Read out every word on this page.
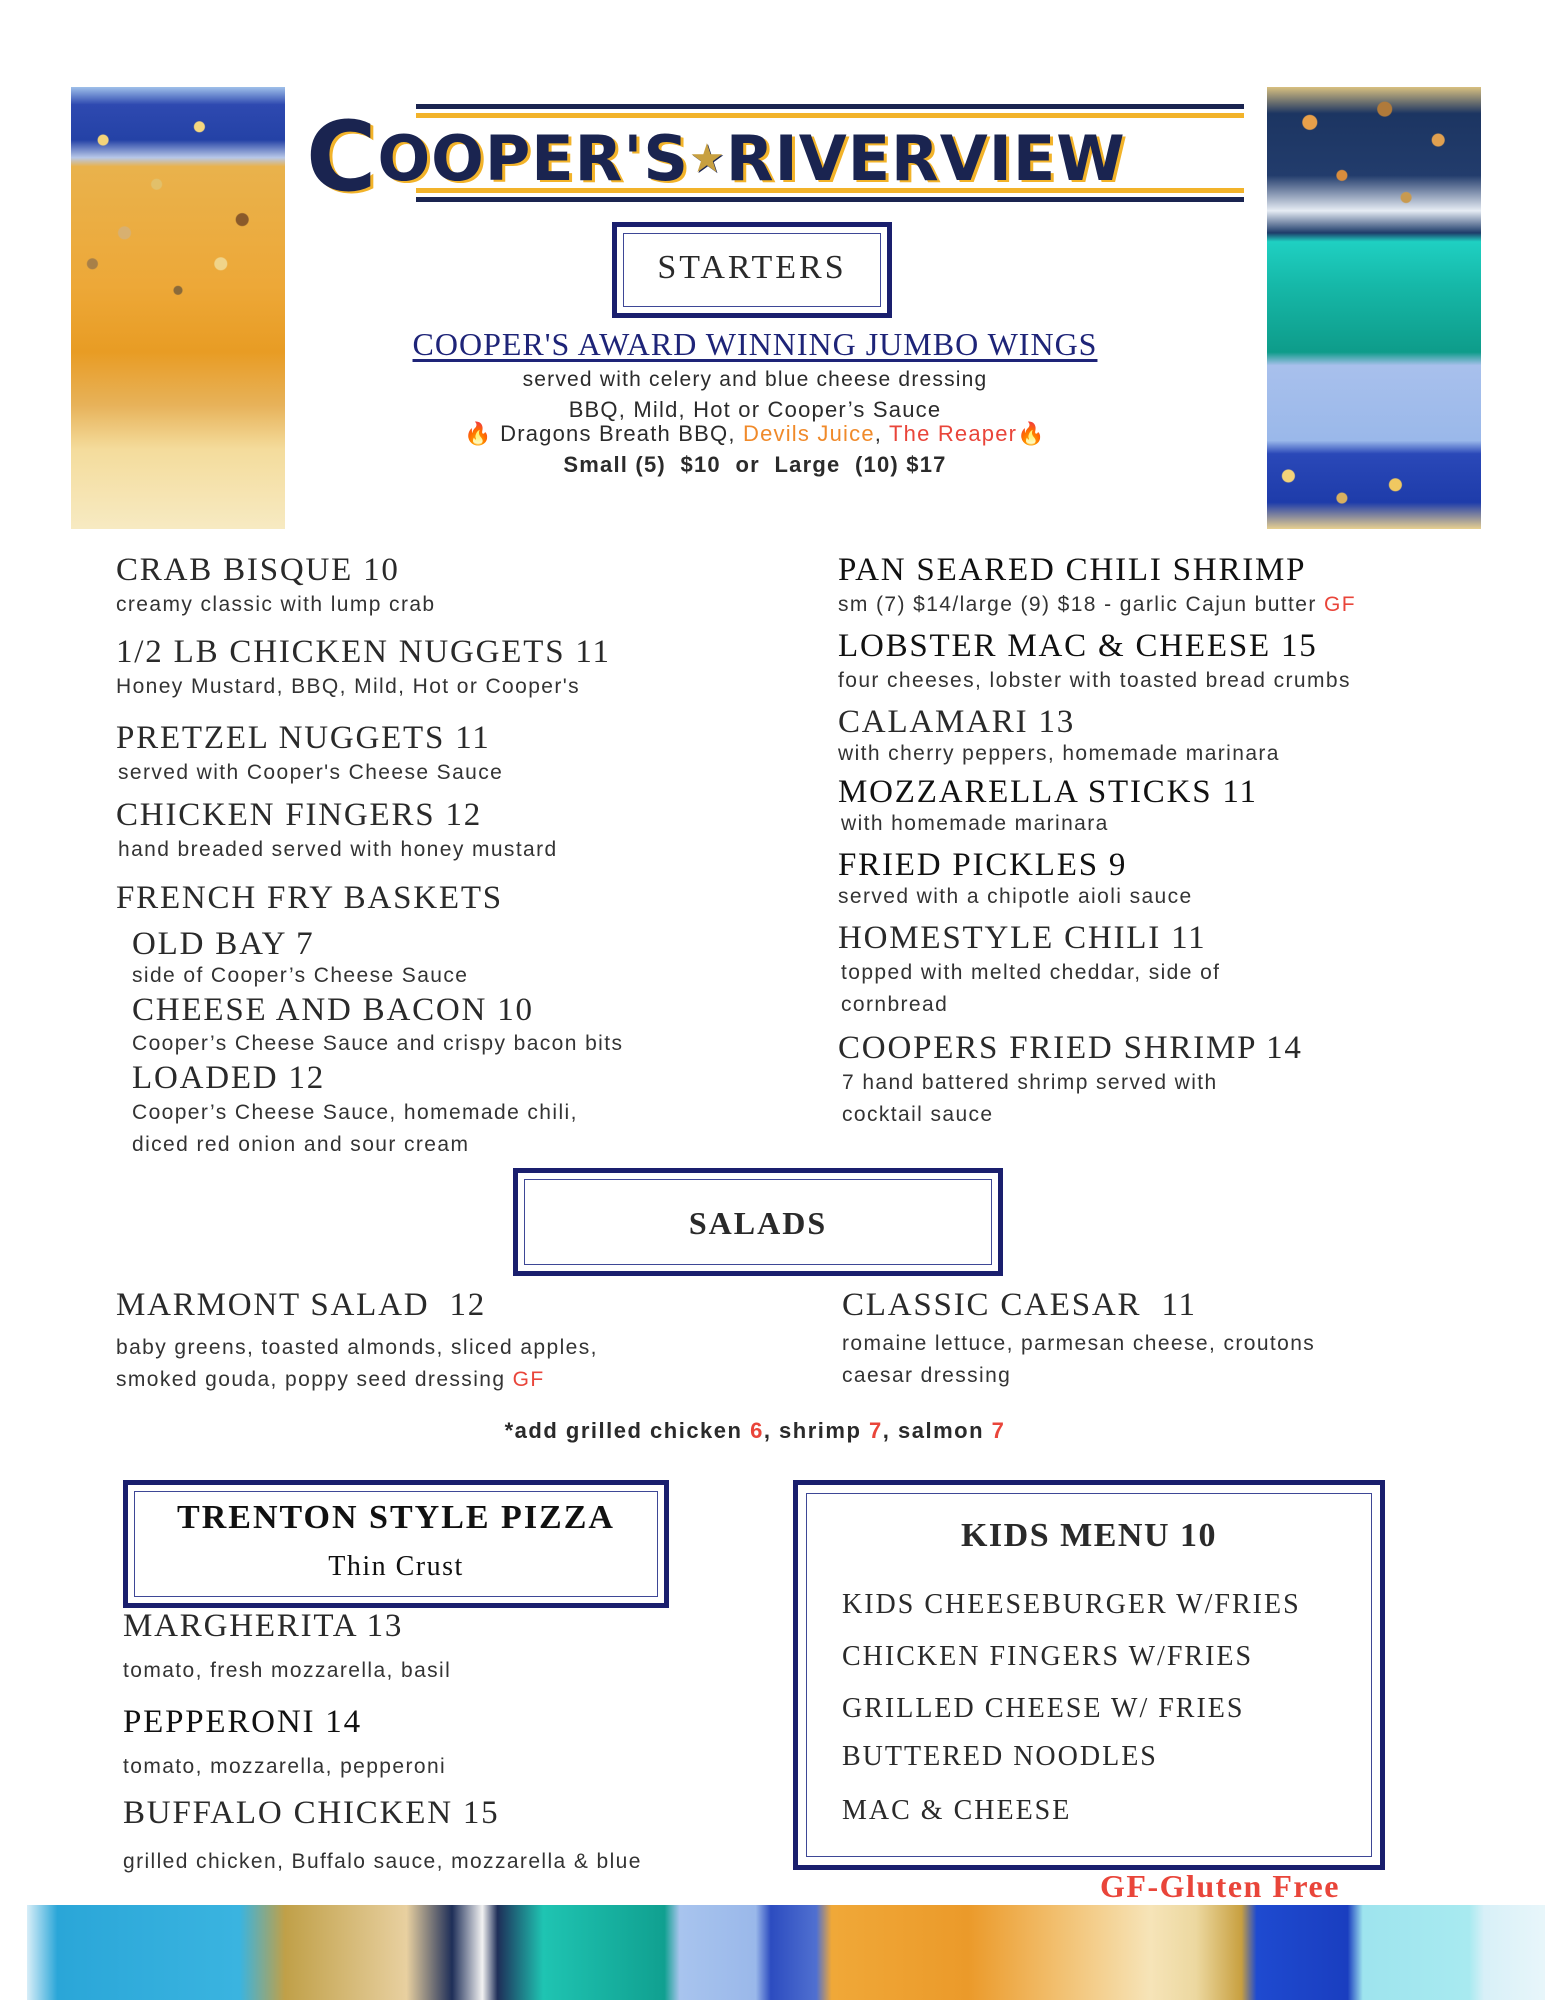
COOPER'S★RIVERVIEW
STARTERS
COOPER'S AWARD WINNING JUMBO WINGS
served with celery and blue cheese dressing
BBQ, Mild, Hot or Cooper’s Sauce
🔥 Dragons Breath BBQ, Devils Juice, The Reaper🔥
Small (5)  $10  or  Large  (10) $17
CRAB BISQUE 10
creamy classic with lump crab
1/2 LB CHICKEN NUGGETS 11
Honey Mustard, BBQ, Mild, Hot or Cooper's
PRETZEL NUGGETS 11
served with Cooper's Cheese Sauce
CHICKEN FINGERS 12
hand breaded served with honey mustard
FRENCH FRY BASKETS
OLD BAY 7
side of Cooper’s Cheese Sauce
CHEESE AND BACON 10
Cooper’s Cheese Sauce and crispy bacon bits
LOADED 12
Cooper’s Cheese Sauce, homemade chili,
diced red onion and sour cream
PAN SEARED CHILI SHRIMP
sm (7) $14/large (9) $18 - garlic Cajun butter GF
LOBSTER MAC & CHEESE 15
four cheeses, lobster with toasted bread crumbs
CALAMARI 13
with cherry peppers, homemade marinara
MOZZARELLA STICKS 11
with homemade marinara
FRIED PICKLES 9
served with a chipotle aioli sauce
HOMESTYLE CHILI 11
topped with melted cheddar, side of
cornbread
COOPERS FRIED SHRIMP 14
7 hand battered shrimp served with
cocktail sauce
SALADS
MARMONT SALAD  12
baby greens, toasted almonds, sliced apples,
smoked gouda, poppy seed dressing GF
CLASSIC CAESAR  11
romaine lettuce, parmesan cheese, croutons
caesar dressing
*add grilled chicken 6, shrimp 7, salmon 7
TRENTON STYLE PIZZA
Thin Crust
MARGHERITA 13
tomato, fresh mozzarella, basil
PEPPERONI 14
tomato, mozzarella, pepperoni
BUFFALO CHICKEN 15
grilled chicken, Buffalo sauce, mozzarella & blue
KIDS MENU 10
KIDS CHEESEBURGER W/FRIES
CHICKEN FINGERS W/FRIES
GRILLED CHEESE W/ FRIES
BUTTERED NOODLES
MAC & CHEESE
GF-Gluten Free
